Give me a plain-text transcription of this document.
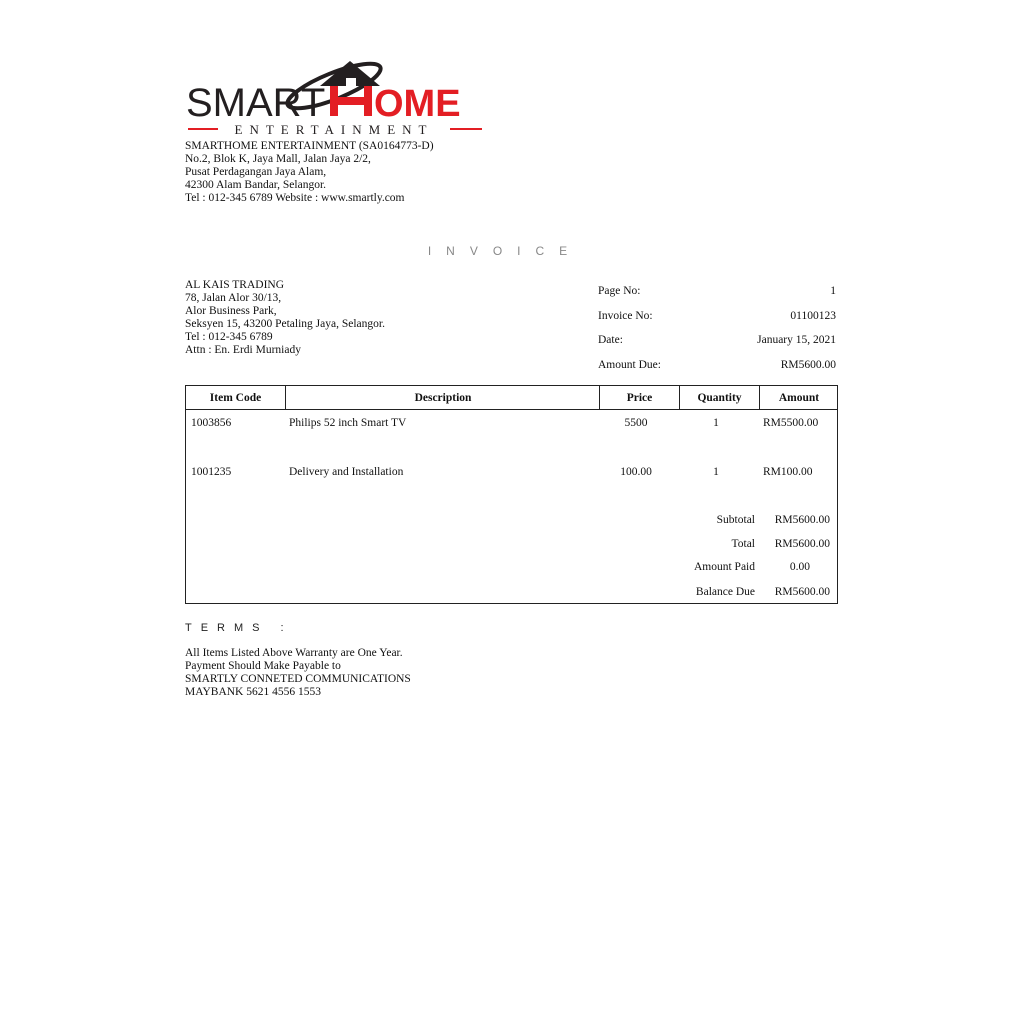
SMART OME
ENTERTAINMENT
SMARTHOME ENTERTAINMENT (SA0164773-D)
No.2, Blok K, Jaya Mall, Jalan Jaya 2/2,
Pusat Perdagangan Jaya Alam,
42300 Alam Bandar, Selangor.
Tel : 012-345 6789 Website : www.smartly.com
INVOICE
AL KAIS TRADING
78, Jalan Alor 30/13,
Alor Business Park,
Seksyen 15, 43200 Petaling Jaya, Selangor.
Tel : 012-345 6789
Attn : En. Erdi Murniady
Page No:	1
Invoice No:	01100123
Date:	January 15, 2021
Amount Due:	RM5600.00
Item Code	Description	Price	Quantity	Amount
1003856	Philips 52 inch Smart TV	5500	1	RM5500.00
1001235	Delivery and Installation	100.00	1	RM100.00
Subtotal	RM5600.00
Total	RM5600.00
Amount Paid	0.00
Balance Due	RM5600.00
TERMS :
All Items Listed Above Warranty are One Year.
Payment Should Make Payable to
SMARTLY CONNETED COMMUNICATIONS
MAYBANK 5621 4556 1553
